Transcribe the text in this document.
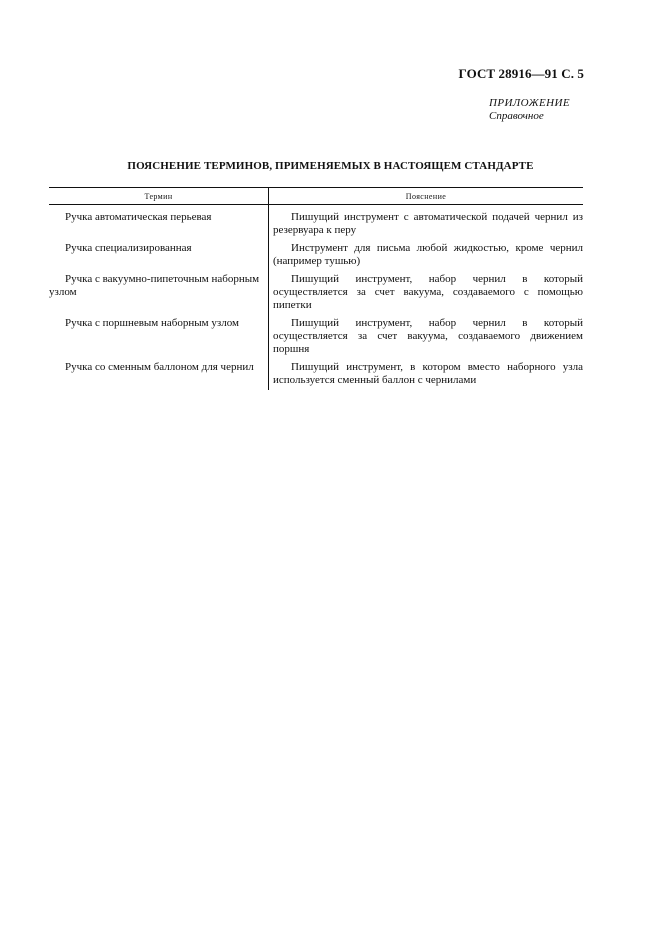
ГОСТ 28916—91 С. 5
ПРИЛОЖЕНИЕ
Справочное
ПОЯСНЕНИЕ ТЕРМИНОВ, ПРИМЕНЯЕМЫХ В НАСТОЯЩЕМ СТАНДАРТЕ
Термин	Пояснение
Ручка автоматическая перьевая	Пишущий инструмент с автоматической подачей чернил из резервуара к перу
Ручка специализированная	Инструмент для письма любой жидкостью, кроме чернил (например тушью)
Ручка с вакуумно-пипеточным наборным узлом	Пишущий инструмент, набор чернил в который осуществляется за счет вакуума, создаваемого с помощью пипетки
Ручка с поршневым наборным узлом	Пишущий инструмент, набор чернил в который осуществляется за счет вакуума, создаваемого движением поршня
Ручка со сменным баллоном для чернил	Пишущий инструмент, в котором вместо наборного узла используется сменный баллон с чернилами
